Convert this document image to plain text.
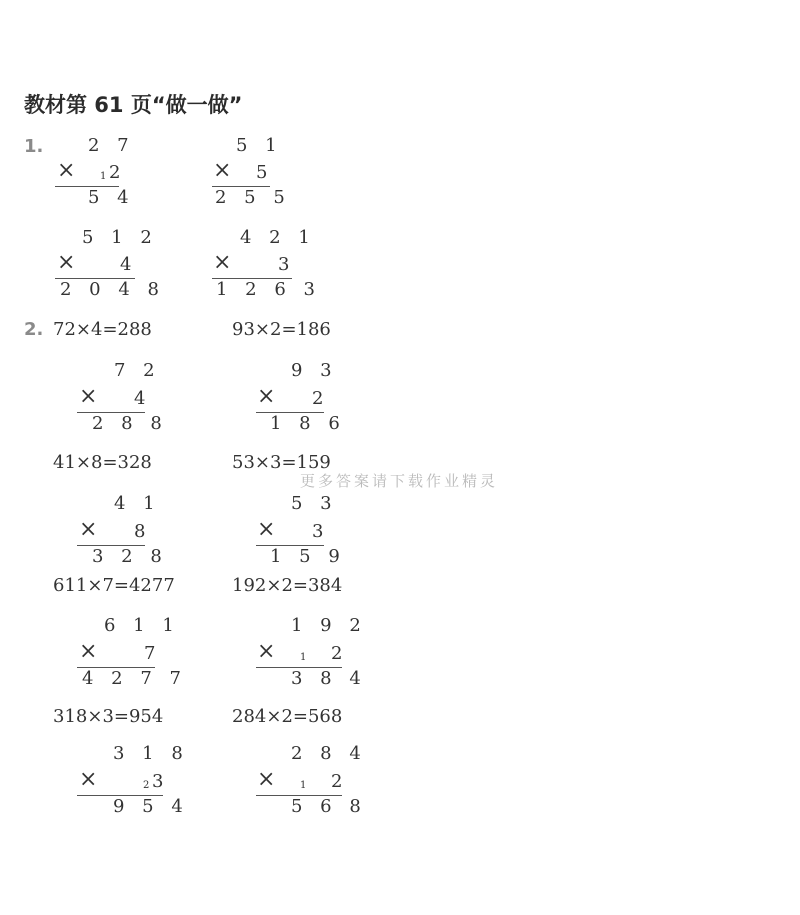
教材第 61 页“做一做”
1. 2 7
× 1 2
5 4
5 1
× 5
2 5 5
5 1 2
× 4
2 0 4 8
4 2 1
×	3
1 2 6 3
2. 72×4=288	93×2=186
7 2
× 4
2 8 8
9 3
× 2
1 8 6
41×8=328	53×3=159
更多答案请下载作业精灵
4 1
× 8
3 2 8
5 3
× 3
1 5 9
611×7=4277	192×2=384
6 1 1
×	7
4 2 7 7
1 9 2
× 1 2
3 8 4
318×3=954	284×2=568
3 1 8
×	2 3
9 5 4
2 8 4
× 1 2
5 6 8
